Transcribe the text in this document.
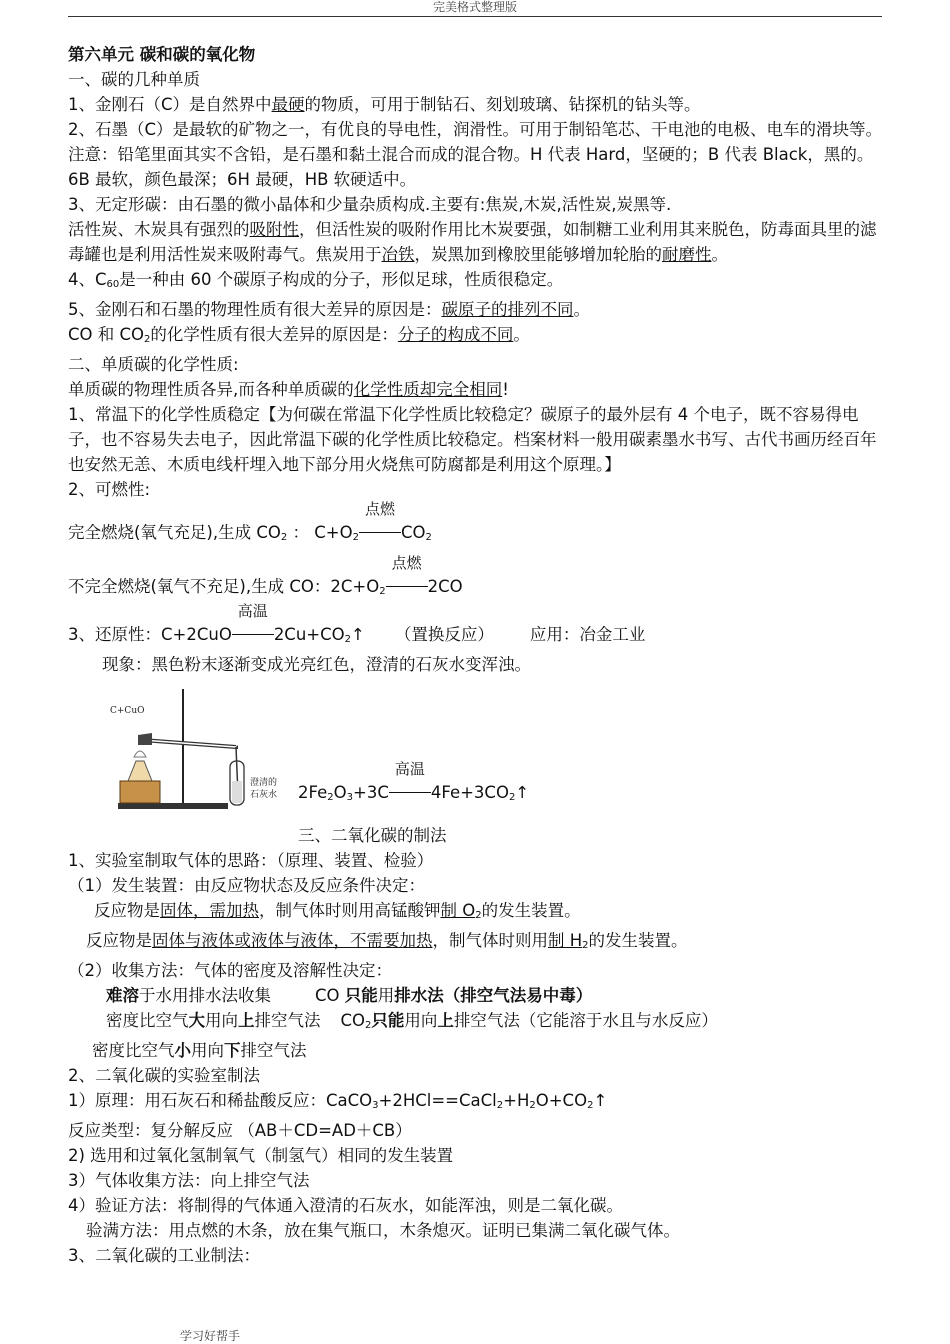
完美格式整理版

第六单元 碳和碳的氧化物

一、碳的几种单质

1、金刚石（C）是自然界中最硬的物质，可用于制钻石、刻划玻璃、钻探机的钻头等。

2、石墨（C）是最软的矿物之一，有优良的导电性，润滑性。可用于制铅笔芯、干电池的电极、电车的滑块等。注意：铅笔里面其实不含铅，是石墨和黏土混合而成的混合物。H 代表 Hard，坚硬的；B 代表 Black，黑的。6B 最软，颜色最深；6H 最硬，HB 软硬适中。

3、无定形碳：由石墨的微小晶体和少量杂质构成.主要有:焦炭,木炭,活性炭,炭黑等.

活性炭、木炭具有强烈的吸附性，但活性炭的吸附作用比木炭要强，如制糖工业利用其来脱色，防毒面具里的滤毒罐也是利用活性炭来吸附毒气。焦炭用于冶铁，炭黑加到橡胶里能够增加轮胎的耐磨性。

4、$C_{60}$是一种由 60 个碳原子构成的分子，形似足球，性质很稳定。

5、金刚石和石墨的物理性质有很大差异的原因是：碳原子的排列不同。

CO 和 $CO_2$的化学性质有很大差异的原因是：分子的构成不同。

二、单质碳的化学性质:

单质碳的物理性质各异,而各种单质碳的化学性质却完全相同!

1、常温下的化学性质稳定【为何碳在常温下化学性质比较稳定？碳原子的最外层有 4 个电子，既不容易得电子，也不容易失去电子，因此常温下碳的化学性质比较稳定。档案材料一般用碳素墨水书写、古代书画历经百年也安然无恙、木质电线杆埋入地下部分用火烧焦可防腐都是利用这个原理。】

2、可燃性:

完全燃烧(氧气充足),生成 $CO_2$ ： $C+O_2$
点燃
$CO_2$

不完全燃烧(氧气不充足),生成 CO：$2C+O_2$
点燃
2CO

3、还原性：C+2CuO
高温
$2Cu+CO_2↑$ （置换反应） 应用：冶金工业

现象：黑色粉末逐渐变成光亮红色，澄清的石灰水变浑浊。

C+CuO
澄清的
石灰水 $2Fe_2O_3+3C$
高温
$4Fe+3CO_2↑$

三、二氧化碳的制法

1、实验室制取气体的思路：（原理、装置、检验）

（1）发生装置：由反应物状态及反应条件决定：

反应物是固体，需加热，制气体时则用高锰酸钾制 $O_2$的发生装置。

反应物是固体与液体或液体与液体，不需要加热，制气体时则用制 $H_2$的发生装置。

（2）收集方法：气体的密度及溶解性决定：

难溶于水用排水法收集	CO 只能用排水法（排空气法易中毒）

密度比空气大用向上排空气法 $CO_2$只能用向上排空气法（它能溶于水且与水反应）

密度比空气小用向下排空气法

2、二氧化碳的实验室制法

1）原理：用石灰石和稀盐酸反应：$CaCO_3+2HCl==CaCl_2+H_2O+CO_2↑$

反应类型：复分解反应 （AB＋CD=AD＋CB）

2) 选用和过氧化氢制氧气（制氢气）相同的发生装置

3）气体收集方法：向上排空气法

4）验证方法：将制得的气体通入澄清的石灰水，如能浑浊，则是二氧化碳。

验满方法：用点燃的木条，放在集气瓶口，木条熄灭。证明已集满二氧化碳气体。

3、二氧化碳的工业制法：

学习好帮手
